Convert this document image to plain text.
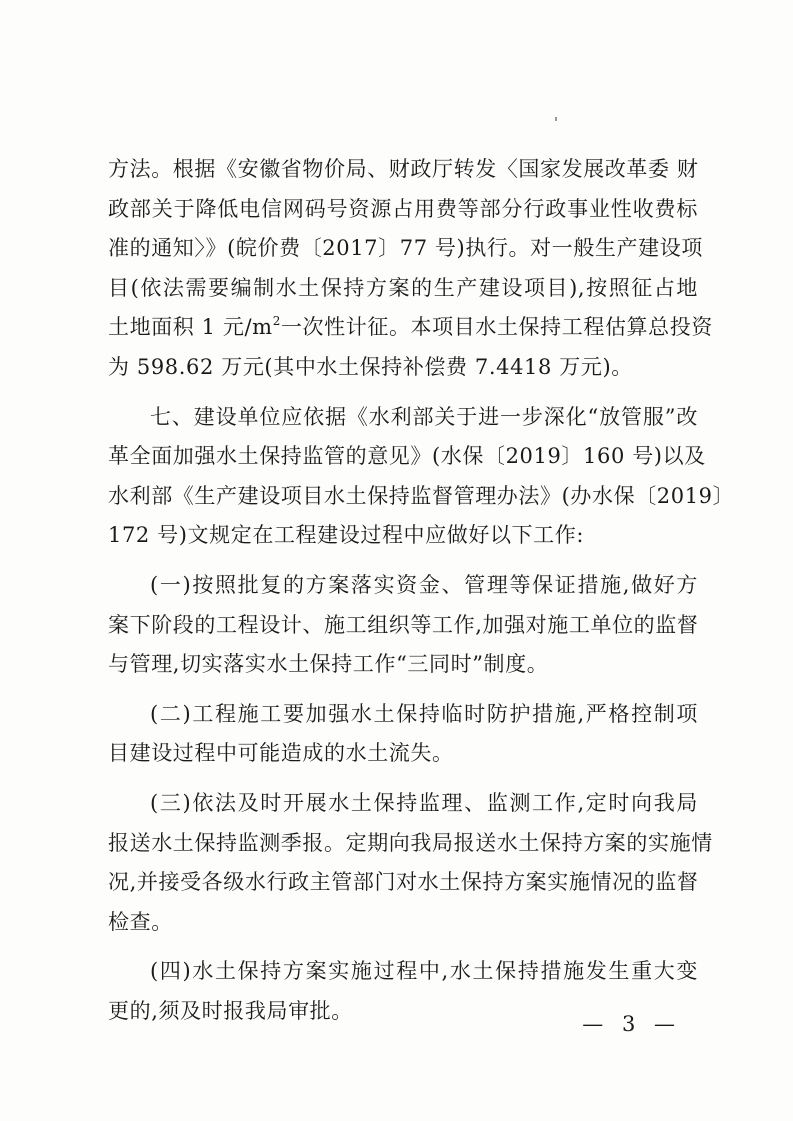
方法。根据《安徽省物价局、财政厅转发〈国家发展改革委 财
政部关于降低电信网码号资源占用费等部分行政事业性收费标
准的通知〉》(皖价费〔2017〕77 号)执行。对一般生产建设项
目(依法需要编制水土保持方案的生产建设项目),按照征占地
土地面积 1 元$/m^2$一次性计征。本项目水土保持工程估算总投资
为 598.62 万元(其中水土保持补偿费 7.4418 万元)。
七、建设单位应依据《水利部关于进一步深化“放管服”改
革全面加强水土保持监管的意见》(水保〔2019〕160 号)以及
水利部《生产建设项目水土保持监督管理办法》(办水保〔2019〕
172 号)文规定在工程建设过程中应做好以下工作:
(一)按照批复的方案落实资金、管理等保证措施,做好方
案下阶段的工程设计、施工组织等工作,加强对施工单位的监督
与管理,切实落实水土保持工作“三同时”制度。
(二)工程施工要加强水土保持临时防护措施,严格控制项
目建设过程中可能造成的水土流失。
(三)依法及时开展水土保持监理、监测工作,定时向我局
报送水土保持监测季报。定期向我局报送水土保持方案的实施情
况,并接受各级水行政主管部门对水土保持方案实施情况的监督
检查。
(四)水土保持方案实施过程中,水土保持措施发生重大变
更的,须及时报我局审批。
— 3 —
